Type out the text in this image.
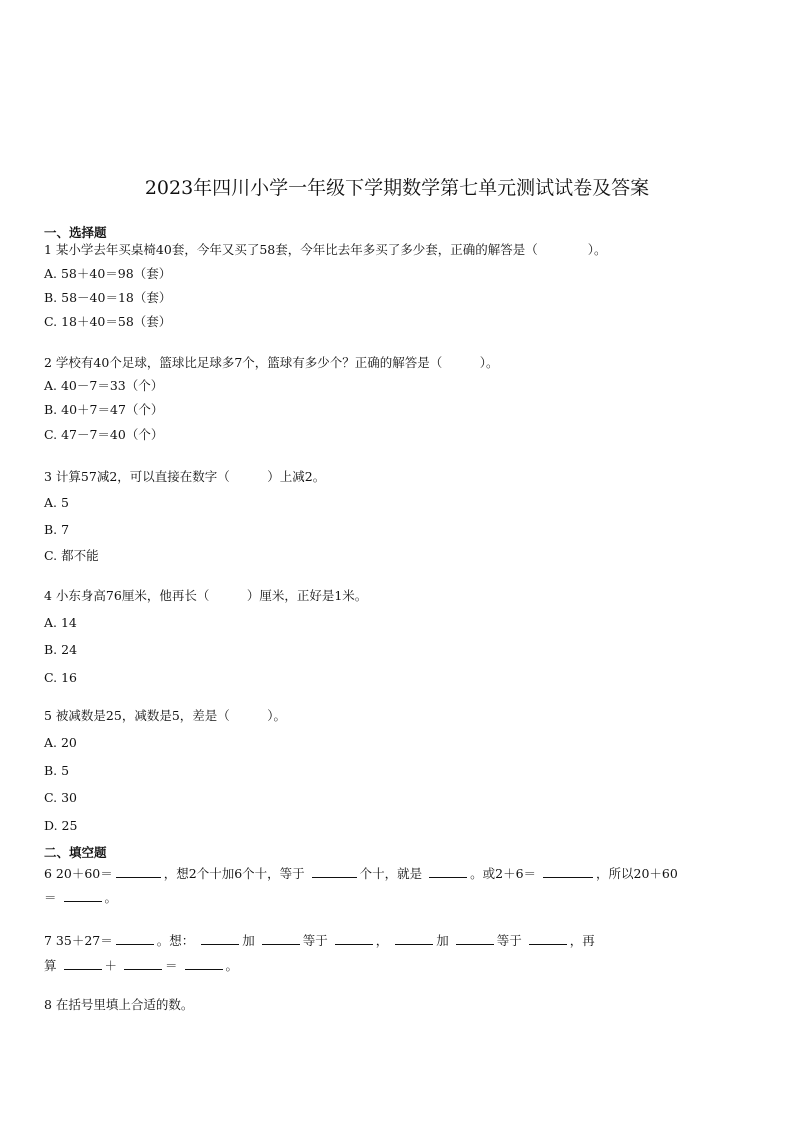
2023年四川小学一年级下学期数学第七单元测试试卷及答案
一、选择题
1 某小学去年买桌椅40套，今年又买了58套，今年比去年多买了多少套，正确的解答是（　　　　）。
A. 58＋40＝98（套）
B. 58－40＝18（套）
C. 18＋40＝58（套）
2 学校有40个足球，篮球比足球多7个，篮球有多少个？正确的解答是（　　　）。
A. 40－7＝33（个）
B. 40＋7＝47（个）
C. 47－7＝40（个）
3 计算57减2，可以直接在数字（　　　）上减2。
A. 5
B. 7
C. 都不能
4 小东身高76厘米，他再长（　　　）厘米，正好是1米。
A. 14
B. 24
C. 16
5 被减数是25，减数是5，差是（　　　）。
A. 20
B. 5
C. 30
D. 25
二、填空题
6 20＋60＝	，想2个十加6个十，等于	个十，就是	。或2＋6＝	，所以20＋60
＝	。
7 35＋27＝	。想：	加	等于	，	加	等于	，再
算	＋	＝	。
8 在括号里填上合适的数。
